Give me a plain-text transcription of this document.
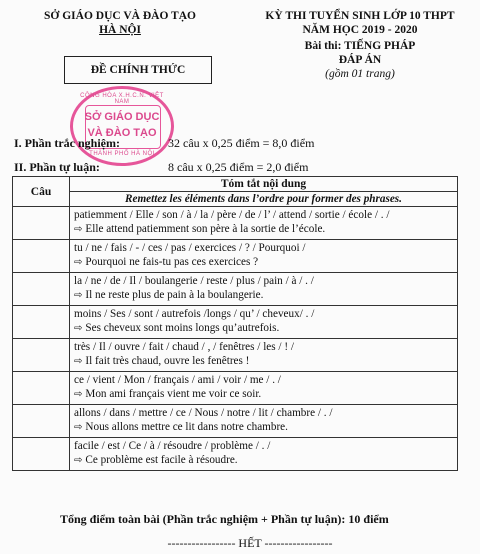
SỞ GIÁO DỤC VÀ ĐÀO TẠO
HÀ NỘI
KỲ THI TUYỂN SINH LỚP 10 THPT
NĂM HỌC 2019 - 2020
Bài thi: TIẾNG PHÁP
ĐÁP ÁN
(gồm 01 trang)
ĐỀ CHÍNH THỨC
CỘNG HÒA X.H.C.N. VIỆT NAM
SỞ GIÁO DỤC
VÀ ĐÀO TẠO
THÀNH PHỐ HÀ NỘI
I. Phần trắc nghiệm:	32 câu x 0,25 điểm = 8,0 điểm
II. Phần tự luận:	8 câu x 0,25 điểm = 2,0 điểm
Câu	Tóm tắt nội dung
	Remettez les éléments dans l’ordre pour former des phrases.

	patiemment / Elle / son / à / la / père / de / l’ / attend / sortie / école / . /
⇨ Elle attend patiemment son père à la sortie de l’école.

	tu / ne / fais / - / ces / pas / exercices / ? / Pourquoi /
⇨ Pourquoi ne fais-tu pas ces exercices ?

	la / ne / de / Il / boulangerie / reste / plus / pain / à / . /
⇨ Il ne reste plus de pain à la boulangerie.

	moins / Ses / sont / autrefois /longs / qu’ / cheveux/ . /
⇨ Ses cheveux sont moins longs qu’autrefois.

	très / Il / ouvre / fait / chaud / , / fenêtres / les / ! /
⇨ Il fait très chaud, ouvre les fenêtres !

	ce / vient / Mon / français / ami / voir / me / . /
⇨ Mon ami français vient me voir ce soir.

	allons / dans / mettre / ce / Nous / notre / lit / chambre / . /
⇨ Nous allons mettre ce lit dans notre chambre.

	facile / est / Ce / à / résoudre / problème / . /
⇨ Ce problème est facile à résoudre.
Tổng điểm toàn bài (Phần trắc nghiệm + Phần tự luận): 10 điểm
----------------- HẾT -----------------
